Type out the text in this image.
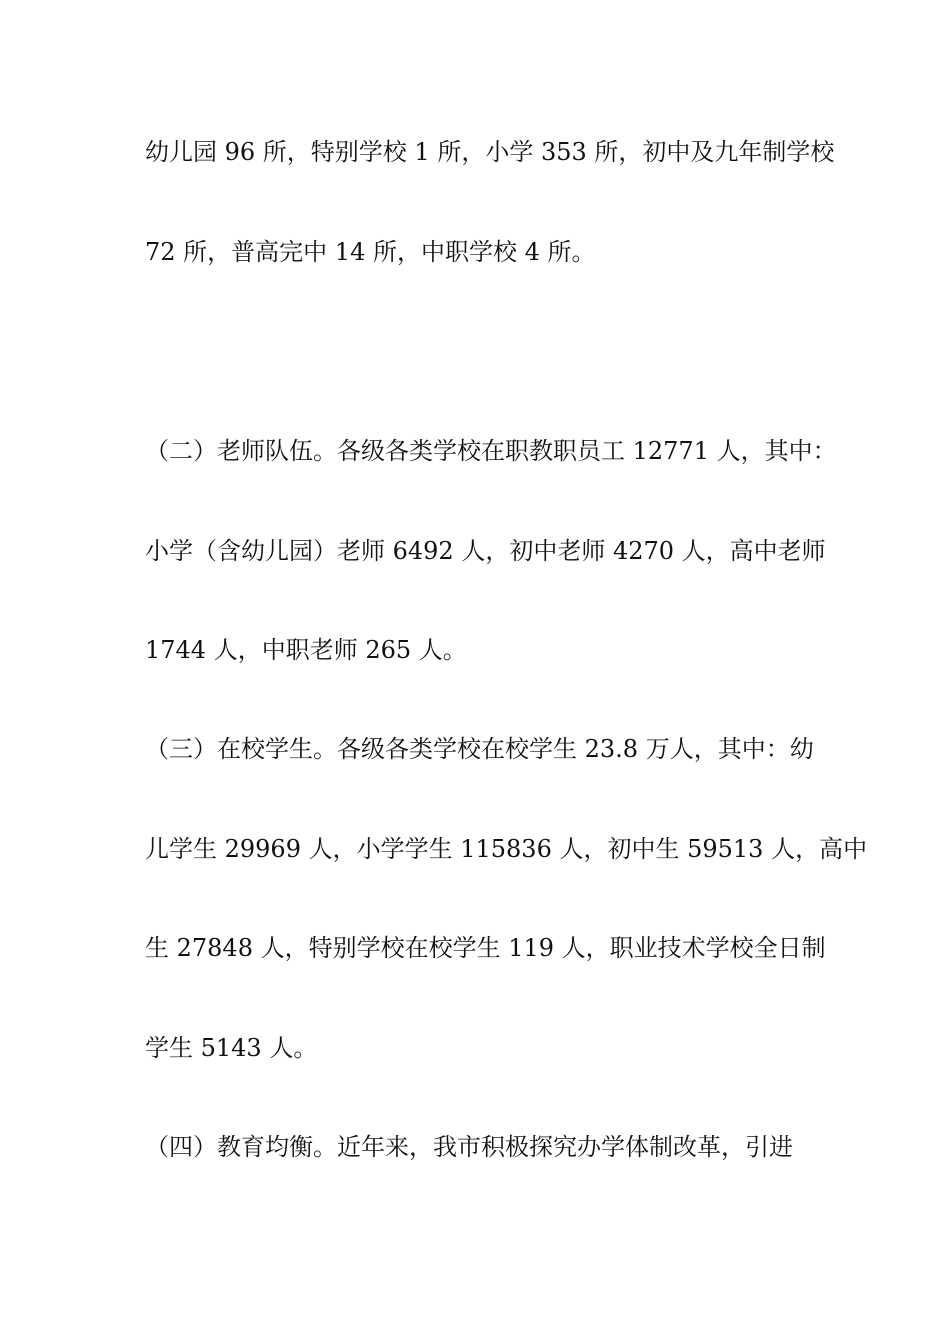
幼儿园 96 所，特别学校 1 所，小学 353 所，初中及九年制学校
72 所，普高完中 14 所，中职学校 4 所。
（二）老师队伍。各级各类学校在职教职员工 12771 人，其中：
小学（含幼儿园）老师 6492 人，初中老师 4270 人，高中老师
1744 人，中职老师 265 人。
（三）在校学生。各级各类学校在校学生 23.8 万人，其中：幼
儿学生 29969 人，小学学生 115836 人，初中生 59513 人，高中
生 27848 人，特别学校在校学生 119 人，职业技术学校全日制
学生 5143 人。
（四）教育均衡。近年来，我市积极探究办学体制改革，引进
